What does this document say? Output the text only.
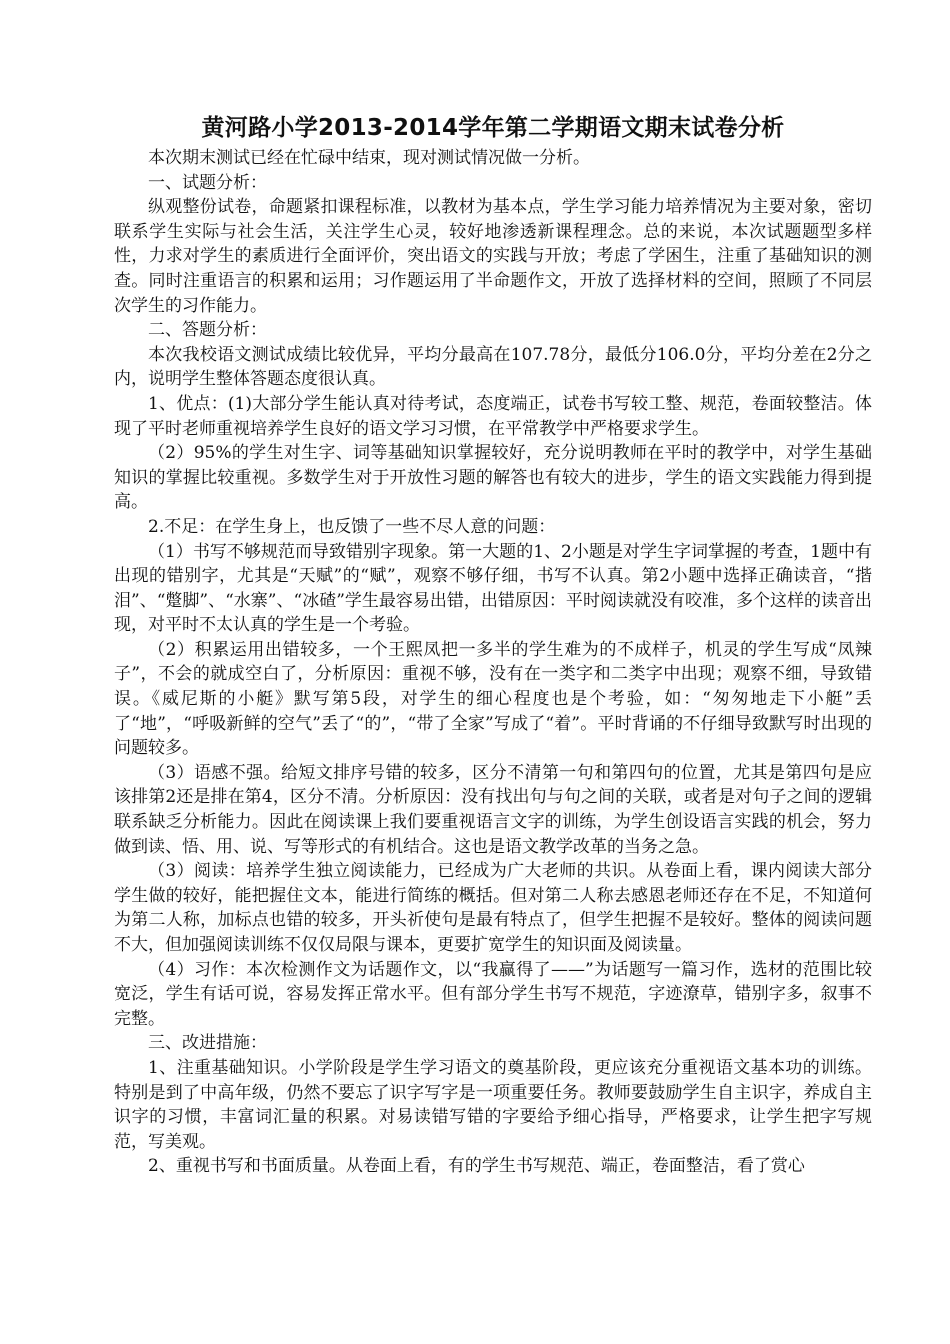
黄河路小学2013-2014学年第二学期语文期末试卷分析

本次期末测试已经在忙碌中结束，现对测试情况做一分析。

一、试题分析：

纵观整份试卷，命题紧扣课程标准，以教材为基本点，学生学习能力培养情况为主要对象，密切联系学生实际与社会生活，关注学生心灵，较好地渗透新课程理念。总的来说，本次试题题型多样性，力求对学生的素质进行全面评价，突出语文的实践与开放；考虑了学困生，注重了基础知识的测查。同时注重语言的积累和运用；习作题运用了半命题作文，开放了选择材料的空间，照顾了不同层次学生的习作能力。

二、答题分析：

本次我校语文测试成绩比较优异，平均分最高在107.78分，最低分106.0分，平均分差在2分之内，说明学生整体答题态度很认真。

1、优点：(1)大部分学生能认真对待考试，态度端正，试卷书写较工整、规范，卷面较整洁。体现了平时老师重视培养学生良好的语文学习习惯，在平常教学中严格要求学生。

（2）95%的学生对生字、词等基础知识掌握较好，充分说明教师在平时的教学中，对学生基础知识的掌握比较重视。多数学生对于开放性习题的解答也有较大的进步，学生的语文实践能力得到提高。

2.不足：在学生身上，也反馈了一些不尽人意的问题：

（1）书写不够规范而导致错别字现象。第一大题的1、2小题是对学生字词掌握的考查，1题中有出现的错别字，尤其是“天赋”的“赋”，观察不够仔细，书写不认真。第2小题中选择正确读音，“揩泪”、“蹩脚”、“水寨”、“冰碴”学生最容易出错，出错原因：平时阅读就没有咬准，多个这样的读音出现，对平时不太认真的学生是一个考验。

（2）积累运用出错较多，一个王熙凤把一多半的学生难为的不成样子，机灵的学生写成“凤辣子”，不会的就成空白了，分析原因：重视不够，没有在一类字和二类字中出现；观察不细，导致错误。《威尼斯的小艇》默写第5段，对学生的细心程度也是个考验，如：“匆匆地走下小艇”丢了“地”，“呼吸新鲜的空气”丢了“的”，“带了全家”写成了“着”。平时背诵的不仔细导致默写时出现的问题较多。

（3）语感不强。给短文排序号错的较多，区分不清第一句和第四句的位置，尤其是第四句是应该排第2还是排在第4，区分不清。分析原因：没有找出句与句之间的关联，或者是对句子之间的逻辑联系缺乏分析能力。因此在阅读课上我们要重视语言文字的训练，为学生创设语言实践的机会，努力做到读、悟、用、说、写等形式的有机结合。这也是语文教学改革的当务之急。

（3）阅读：培养学生独立阅读能力，已经成为广大老师的共识。从卷面上看，课内阅读大部分学生做的较好，能把握住文本，能进行简练的概括。但对第二人称去感恩老师还存在不足，不知道何为第二人称，加标点也错的较多，开头祈使句是最有特点了，但学生把握不是较好。整体的阅读问题不大，但加强阅读训练不仅仅局限与课本，更要扩宽学生的知识面及阅读量。

（4）习作：本次检测作文为话题作文，以“我赢得了——”为话题写一篇习作，选材的范围比较宽泛，学生有话可说，容易发挥正常水平。但有部分学生书写不规范，字迹潦草，错别字多，叙事不完整。

三、改进措施：

1、注重基础知识。小学阶段是学生学习语文的奠基阶段，更应该充分重视语文基本功的训练。特别是到了中高年级，仍然不要忘了识字写字是一项重要任务。教师要鼓励学生自主识字，养成自主识字的习惯，丰富词汇量的积累。对易读错写错的字要给予细心指导，严格要求，让学生把字写规范，写美观。

2、重视书写和书面质量。从卷面上看，有的学生书写规范、端正，卷面整洁，看了赏心
